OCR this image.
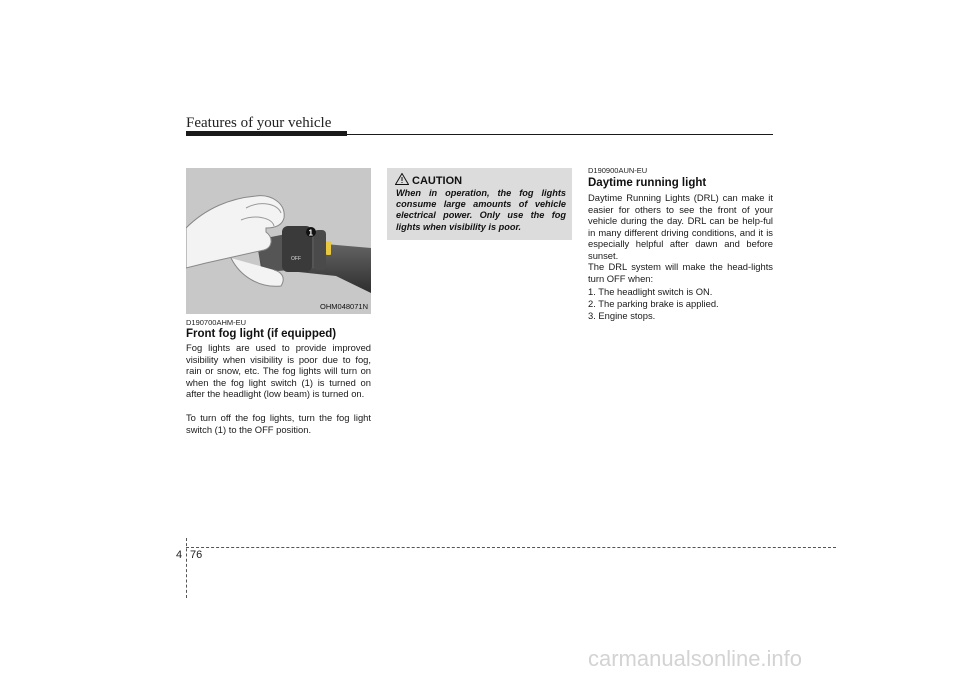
Features of your vehicle
1
OFF
OHM048071N
D190700AHM-EU
Front fog light (if equipped)

Fog lights are used to provide improved visibility when visibility is poor due to fog, rain or snow, etc. The fog lights will turn on when the fog light switch (1) is turned on after the headlight (low beam) is turned on.

To turn off the fog lights, turn the fog light switch (1) to the OFF position.

CAUTION

When in operation, the fog lights consume large amounts of vehicle electrical power. Only use the fog lights when visibility is poor.

D190900AUN-EU
Daytime running light

Daytime Running Lights (DRL) can make it easier for others to see the front of your vehicle during the day. DRL can be help-ful in many different driving conditions, and it is especially helpful after dawn and before sunset.

The DRL system will make the head-lights turn OFF when:

1. The headlight switch is ON.
2. The parking brake is applied.
3. Engine stops.
4 76
carmanualsonline.info
